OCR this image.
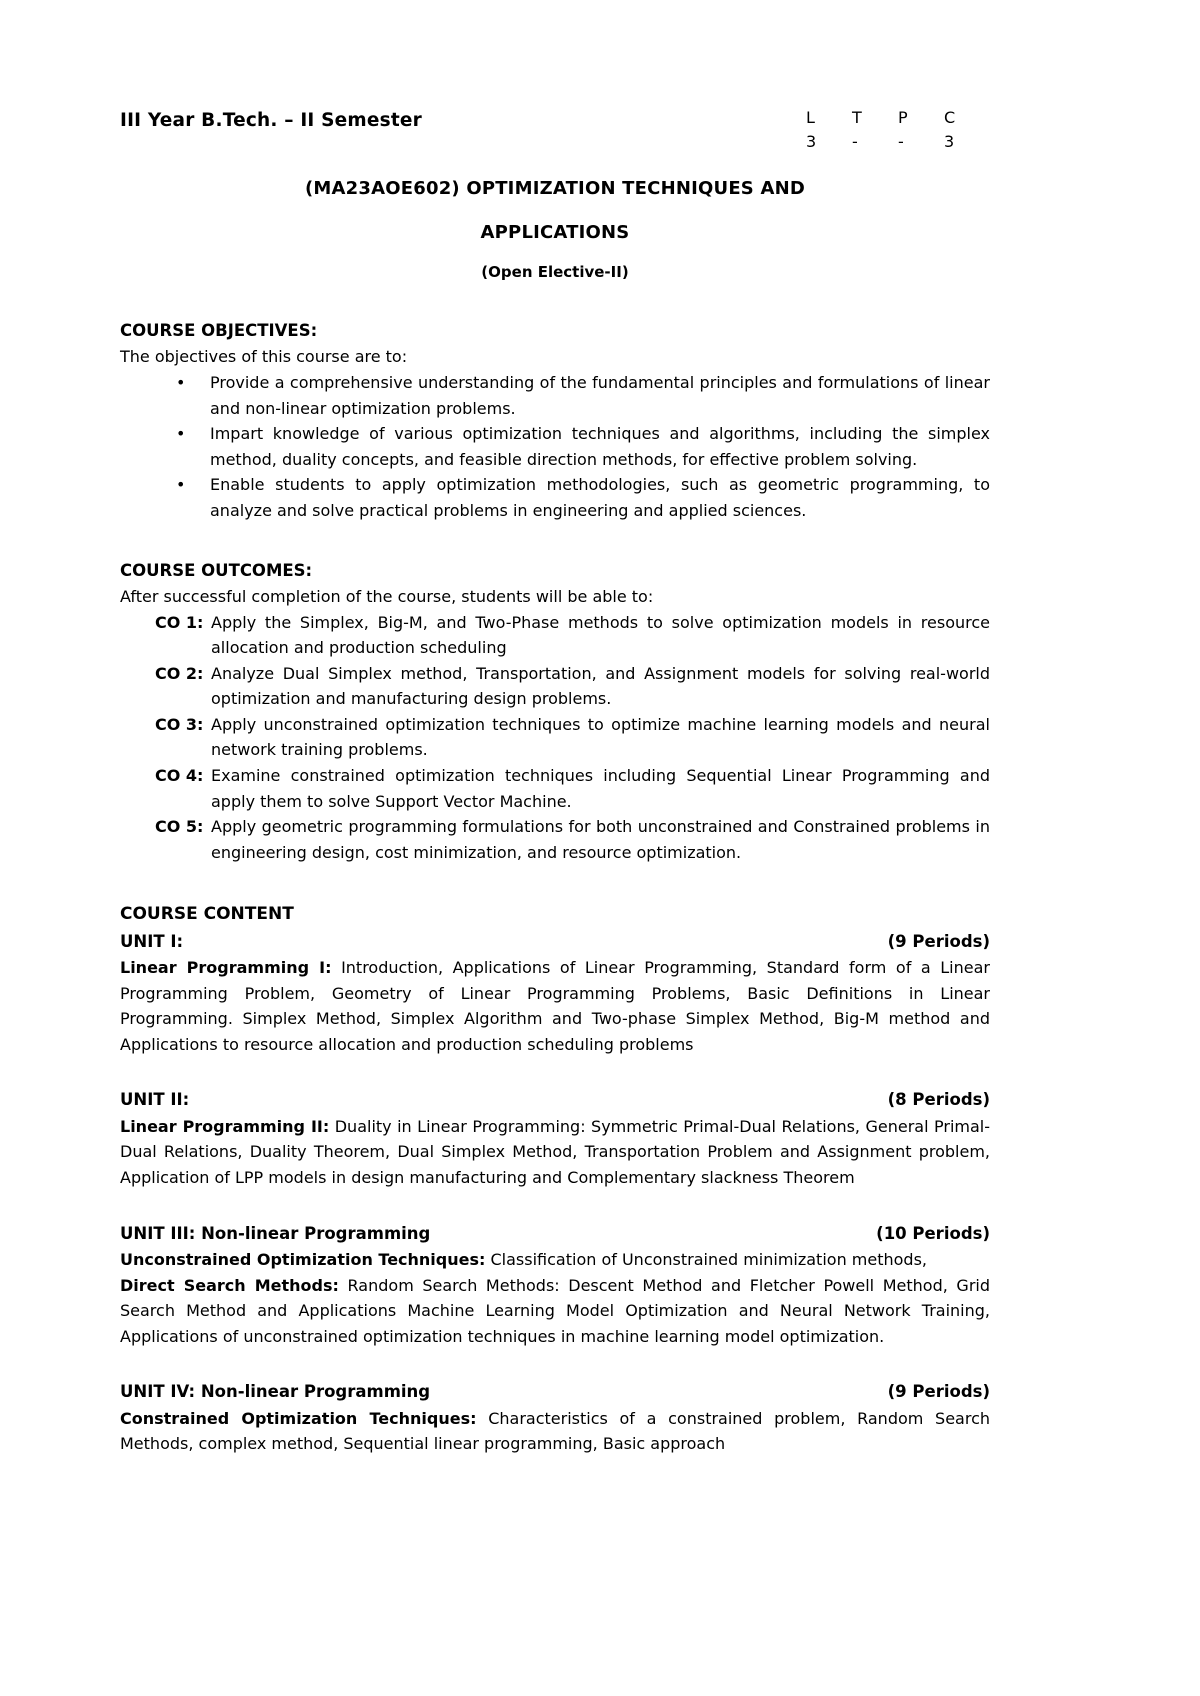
III Year B.Tech. – II Semester	L	T	P	C
3	-	-	3
(MA23AOE602) OPTIMIZATION TECHNIQUES AND
APPLICATIONS
(Open Elective-II)
COURSE OBJECTIVES:
The objectives of this course are to:
• Provide a comprehensive understanding of the fundamental principles and formulations of linear and non-linear optimization problems.
• Impart knowledge of various optimization techniques and algorithms, including the simplex method, duality concepts, and feasible direction methods, for effective problem solving.
• Enable students to apply optimization methodologies, such as geometric programming, to analyze and solve practical problems in engineering and applied sciences.
COURSE OUTCOMES:
After successful completion of the course, students will be able to:
CO 1: Apply the Simplex, Big-M, and Two-Phase methods to solve optimization models in resource allocation and production scheduling
CO 2: Analyze Dual Simplex method, Transportation, and Assignment models for solving real-world optimization and manufacturing design problems.
CO 3: Apply unconstrained optimization techniques to optimize machine learning models and neural network training problems.
CO 4: Examine constrained optimization techniques including Sequential Linear Programming and apply them to solve Support Vector Machine.
CO 5: Apply geometric programming formulations for both unconstrained and Constrained problems in engineering design, cost minimization, and resource optimization.
COURSE CONTENT
UNIT I:	(9 Periods)
Linear Programming I: Introduction, Applications of Linear Programming, Standard form of a Linear Programming Problem, Geometry of Linear Programming Problems, Basic Definitions in Linear Programming. Simplex Method, Simplex Algorithm and Two-phase Simplex Method, Big-M method and Applications to resource allocation and production scheduling problems
UNIT II:	(8 Periods)
Linear Programming II: Duality in Linear Programming: Symmetric Primal-Dual Relations, General Primal-Dual Relations, Duality Theorem, Dual Simplex Method, Transportation Problem and Assignment problem, Application of LPP models in design manufacturing and Complementary slackness Theorem
UNIT III: Non-linear Programming	(10 Periods)
Unconstrained Optimization Techniques: Classification of Unconstrained minimization methods,
Direct Search Methods: Random Search Methods: Descent Method and Fletcher Powell Method, Grid Search Method and Applications Machine Learning Model Optimization and Neural Network Training, Applications of unconstrained optimization techniques in machine learning model optimization.
UNIT IV: Non-linear Programming	(9 Periods)
Constrained Optimization Techniques: Characteristics of a constrained problem, Random Search Methods, complex method, Sequential linear programming, Basic approach
